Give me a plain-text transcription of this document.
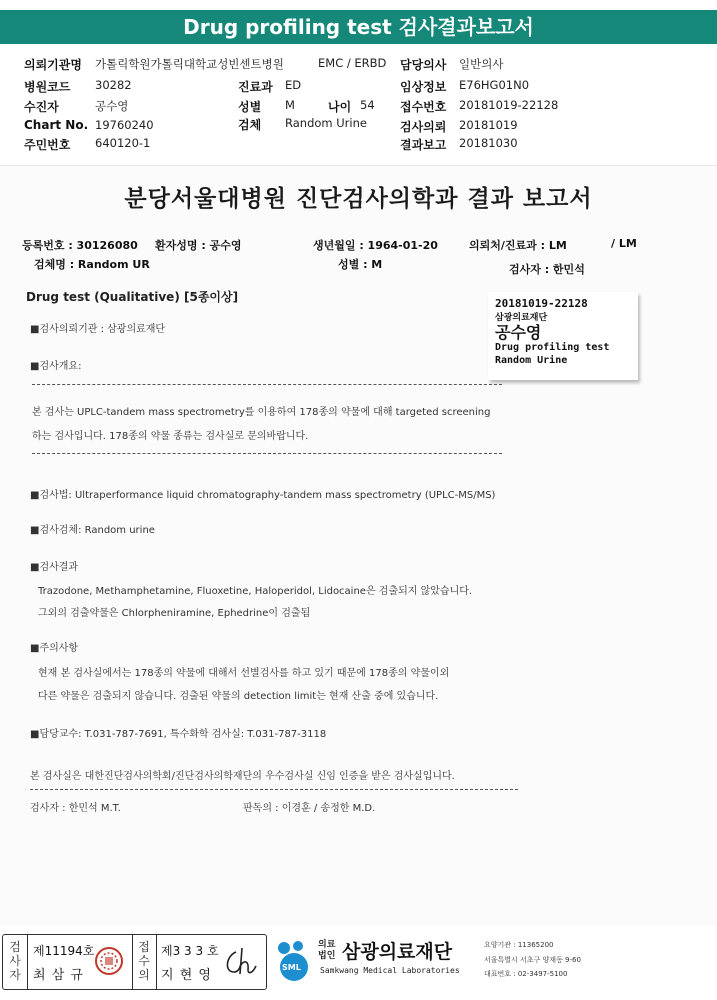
Drug profiling test 검사결과보고서
의뢰기관명 가톨릭학원가톨릭대학교성빈센트병원	EMC / ERBD 담당의사 일반의사
병원코드 30282	진료과 ED	임상정보 E76HG01N0
수진자	공수영	성별 M	나이 54 접수번호 20181019-22128
Chart No. 19760240	검체 Random Urine	검사의뢰 20181019
주민번호 640120-1	결과보고 20181030
분당서울대병원 진단검사의학과 결과 보고서
등록번호 : 30126080 환자성명 : 공수영	생년월일 : 1964-01-20	의뢰처/진료과 : LM	/ LM
검체명 : Random UR	성별 : M	검사자 : 한민석
Drug test (Qualitative) [5종이상]	20181019-22128
삼광의료재단
공수영
Drug profiling test
Random Urine
■검사의뢰기관 : 삼광의료재단
■검사개요:
본 검사는 UPLC-tandem mass spectrometry를 이용하여 178종의 약물에 대해 targeted screening
하는 검사입니다. 178종의 약물 종류는 검사실로 문의바랍니다.
■검사법: Ultraperformance liquid chromatography-tandem mass spectrometry (UPLC-MS/MS)
■검사검체: Random urine
■검사결과
Trazodone, Methamphetamine, Fluoxetine, Haloperidol, Lidocaine은 검출되지 않았습니다.
그외의 검출약물은 Chlorpheniramine, Ephedrine이 검출됨
■주의사항
현재 본 검사실에서는 178종의 약물에 대해서 선별검사를 하고 있기 때문에 178종의 약물이외
다른 약물은 검출되지 않습니다. 검출된 약물의 detection limit는 현재 산출 중에 있습니다.
■담당교수: T.031-787-7691, 특수화학 검사실: T.031-787-3118
본 검사실은 대한진단검사의학회/진단검사의학재단의 우수검사실 신임 인증을 받은 검사실입니다.
검사자 : 한민석 M.T.	판독의 : 이경훈 / 송정한 M.D.
검사자
제11194호
최 삼 규
접수의
제3 3 3 호
지 현 영
SML
의료법인 삼광의료재단
Samkwang Medical Laboratories
요양기관 : 11365200
서울특별시 서초구 양재동 9-60
대표번호 : 02-3497-5100
